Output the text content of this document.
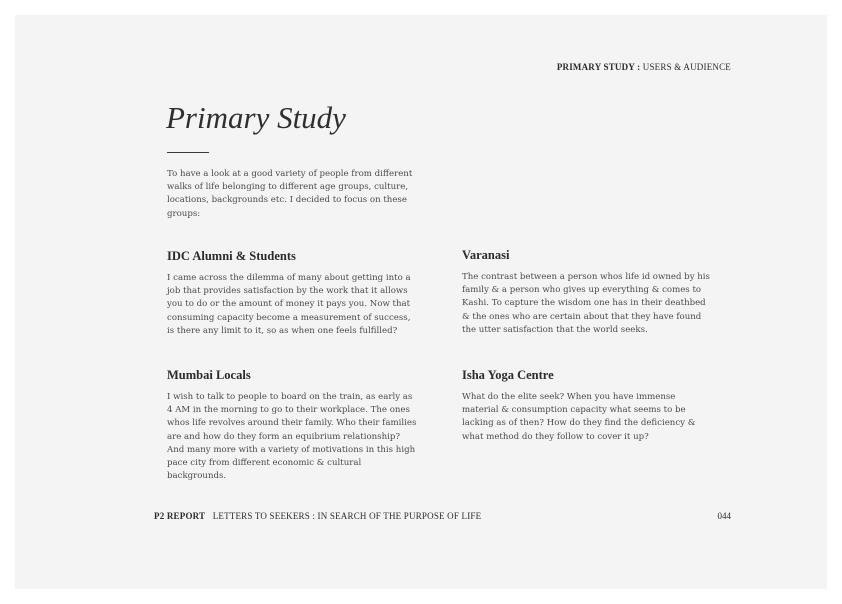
PRIMARY STUDY : USERS & AUDIENCE
Primary Study

To have a look at a good variety of people from different walks of life belonging to different age groups, culture, locations, backgrounds etc. I decided to focus on these groups:

IDC Alumni & Students

I came across the dilemma of many about getting into a job that provides satisfaction by the work that it allows you to do or the amount of money it pays you. Now that consuming capacity become a measurement of success, is there any limit to it, so as when one feels fulfilled?

Varanasi

The contrast between a person whos life id owned by his family & a person who gives up everything & comes to Kashi. To capture the wisdom one has in their deathbed & the ones who are certain about that they have found the utter satisfaction that the world seeks.

Mumbai Locals

I wish to talk to people to board on the train, as early as 4 AM in the morning to go to their workplace. The ones whos life revolves around their family. Who their families are and how do they form an equibrium relationship? And many more with a variety of motivations in this high pace city from different economic & cultural backgrounds.

Isha Yoga Centre

What do the elite seek? When you have immense material & consumption capacity what seems to be lacking as of then? How do they find the deficiency & what method do they follow to cover it up?

P2 REPORT LETTERS TO SEEKERS : IN SEARCH OF THE PURPOSE OF LIFE	044
